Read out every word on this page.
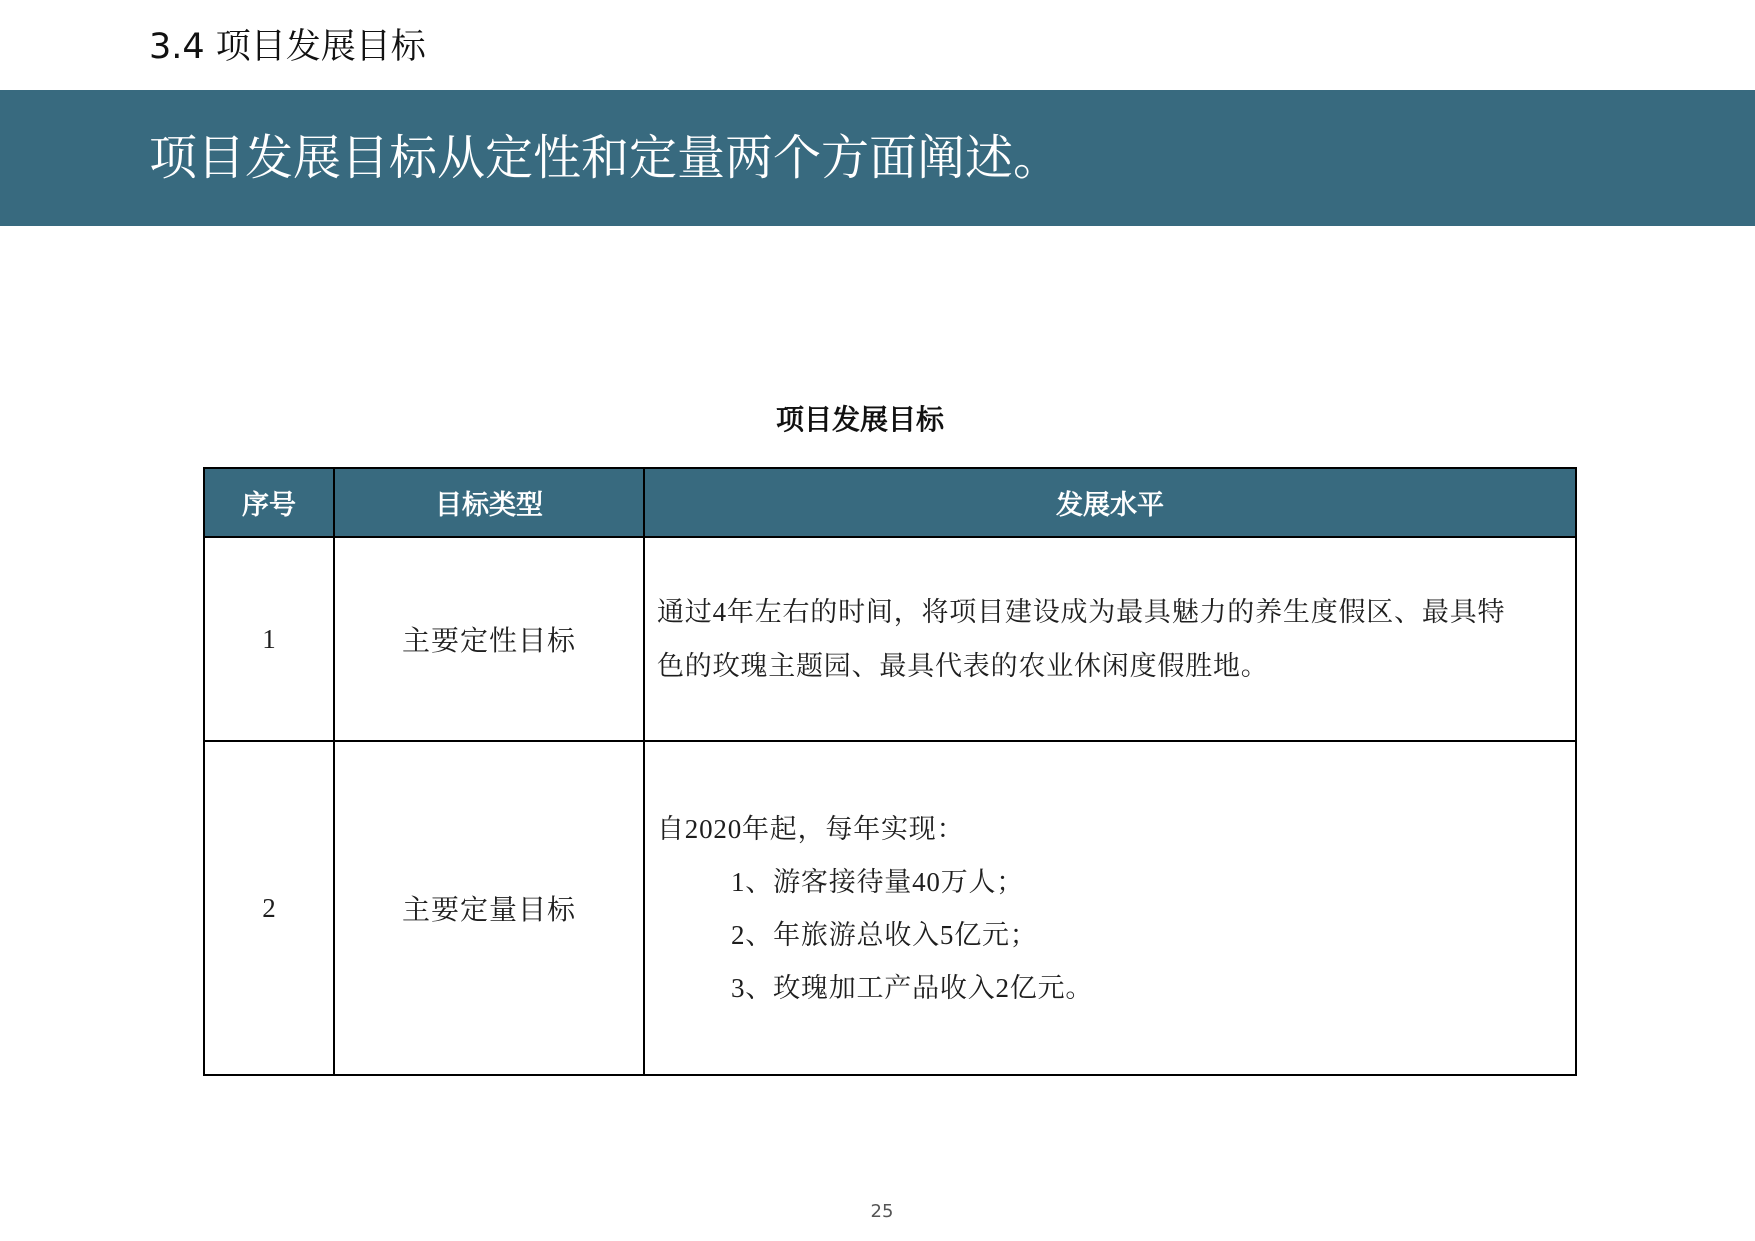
3.4 项目发展目标
项目发展目标从定性和定量两个方面阐述。
项目发展目标
序号	目标类型	发展水平
1	主要定性目标	通过4年左右的时间，将项目建设成为最具魅力的养生度假区、最具特
色的玫瑰主题园、最具代表的农业休闲度假胜地。

2	主要定量目标	自2020年起，每年实现：
1、游客接待量40万人；
2、年旅游总收入5亿元；
3、玫瑰加工产品收入2亿元。
25
